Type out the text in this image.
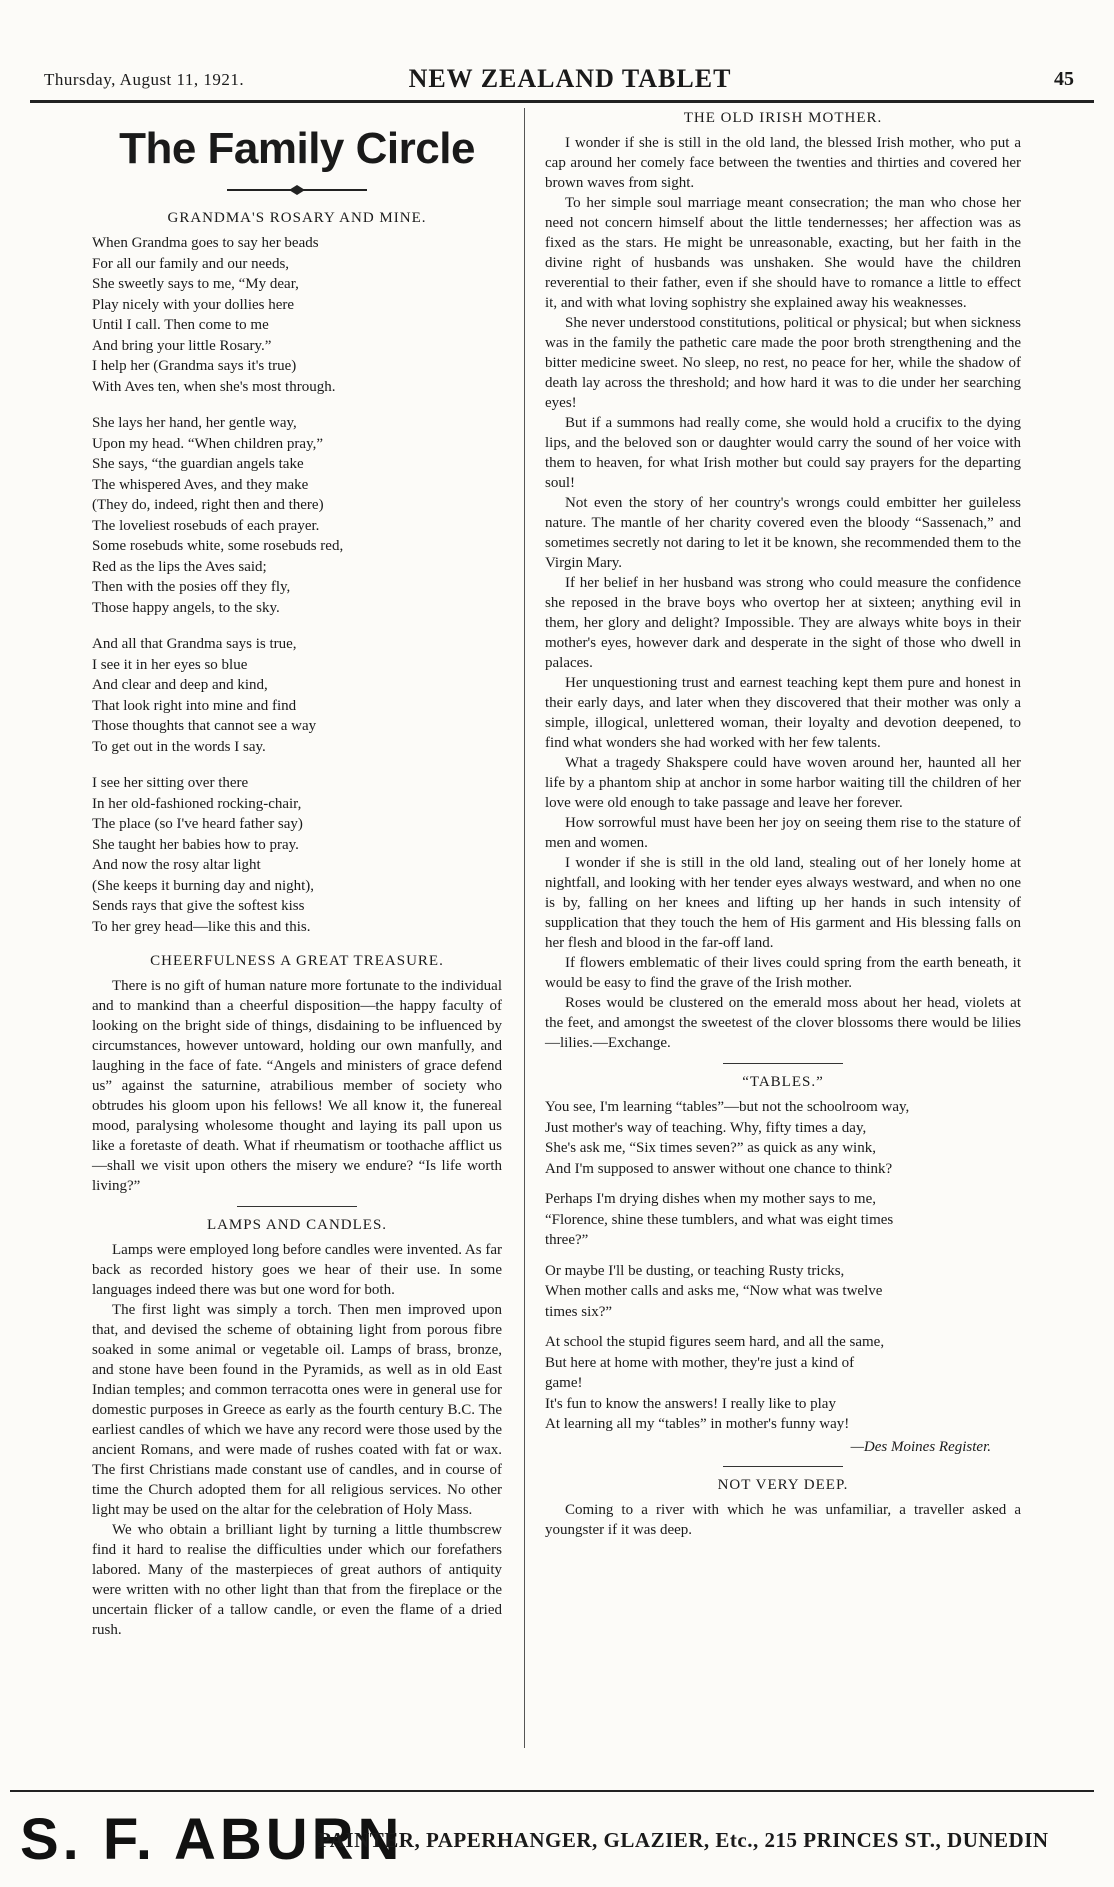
Thursday, August 11, 1921.	NEW ZEALAND TABLET	45
The Family Circle
GRANDMA'S ROSARY AND MINE.

When Grandma goes to say her beads
For all our family and our needs,
She sweetly says to me, “My dear,
Play nicely with your dollies here
Until I call. Then come to me
And bring your little Rosary.”
I help her (Grandma says it's true)
With Aves ten, when she's most through.

She lays her hand, her gentle way,
Upon my head. “When children pray,”
She says, “the guardian angels take
The whispered Aves, and they make
(They do, indeed, right then and there)
The loveliest rosebuds of each prayer.
Some rosebuds white, some rosebuds red,
Red as the lips the Aves said;
Then with the posies off they fly,
Those happy angels, to the sky.

And all that Grandma says is true,
I see it in her eyes so blue
And clear and deep and kind,
That look right into mine and find
Those thoughts that cannot see a way
To get out in the words I say.

I see her sitting over there
In her old-fashioned rocking-chair,
The place (so I've heard father say)
She taught her babies how to pray.
And now the rosy altar light
(She keeps it burning day and night),
Sends rays that give the softest kiss
To her grey head—like this and this.

CHEERFULNESS A GREAT TREASURE.

There is no gift of human nature more fortunate to the individual and to mankind than a cheerful disposition—the happy faculty of looking on the bright side of things, disdaining to be influenced by circumstances, however untoward, holding our own manfully, and laughing in the face of fate. “Angels and ministers of grace defend us” against the saturnine, atrabilious member of society who obtrudes his gloom upon his fellows! We all know it, the funereal mood, paralysing wholesome thought and laying its pall upon us like a foretaste of death. What if rheumatism or toothache afflict us—shall we visit upon others the misery we endure? “Is life worth living?”

LAMPS AND CANDLES.

Lamps were employed long before candles were invented. As far back as recorded history goes we hear of their use. In some languages indeed there was but one word for both.

The first light was simply a torch. Then men improved upon that, and devised the scheme of obtaining light from porous fibre soaked in some animal or vegetable oil. Lamps of brass, bronze, and stone have been found in the Pyramids, as well as in old East Indian temples; and common terracotta ones were in general use for domestic purposes in Greece as early as the fourth century B.C. The earliest candles of which we have any record were those used by the ancient Romans, and were made of rushes coated with fat or wax. The first Christians made constant use of candles, and in course of time the Church adopted them for all religious services. No other light may be used on the altar for the celebration of Holy Mass.

We who obtain a brilliant light by turning a little thumbscrew find it hard to realise the difficulties under which our forefathers labored. Many of the masterpieces of great authors of antiquity were written with no other light than that from the fireplace or the uncertain flicker of a tallow candle, or even the flame of a dried rush.

THE OLD IRISH MOTHER.

I wonder if she is still in the old land, the blessed Irish mother, who put a cap around her comely face between the twenties and thirties and covered her brown waves from sight.

To her simple soul marriage meant consecration; the man who chose her need not concern himself about the little tendernesses; her affection was as fixed as the stars. He might be unreasonable, exacting, but her faith in the divine right of husbands was unshaken. She would have the children reverential to their father, even if she should have to romance a little to effect it, and with what loving sophistry she explained away his weaknesses.

She never understood constitutions, political or physical; but when sickness was in the family the pathetic care made the poor broth strengthening and the bitter medicine sweet. No sleep, no rest, no peace for her, while the shadow of death lay across the threshold; and how hard it was to die under her searching eyes!

But if a summons had really come, she would hold a crucifix to the dying lips, and the beloved son or daughter would carry the sound of her voice with them to heaven, for what Irish mother but could say prayers for the departing soul!

Not even the story of her country's wrongs could embitter her guileless nature. The mantle of her charity covered even the bloody “Sassenach,” and sometimes secretly not daring to let it be known, she recommended them to the Virgin Mary.

If her belief in her husband was strong who could measure the confidence she reposed in the brave boys who overtop her at sixteen; anything evil in them, her glory and delight? Impossible. They are always white boys in their mother's eyes, however dark and desperate in the sight of those who dwell in palaces.

Her unquestioning trust and earnest teaching kept them pure and honest in their early days, and later when they discovered that their mother was only a simple, illogical, unlettered woman, their loyalty and devotion deepened, to find what wonders she had worked with her few talents.

What a tragedy Shakspere could have woven around her, haunted all her life by a phantom ship at anchor in some harbor waiting till the children of her love were old enough to take passage and leave her forever.

How sorrowful must have been her joy on seeing them rise to the stature of men and women.

I wonder if she is still in the old land, stealing out of her lonely home at nightfall, and looking with her tender eyes always westward, and when no one is by, falling on her knees and lifting up her hands in such intensity of supplication that they touch the hem of His garment and His blessing falls on her flesh and blood in the far-off land.

If flowers emblematic of their lives could spring from the earth beneath, it would be easy to find the grave of the Irish mother.

Roses would be clustered on the emerald moss about her head, violets at the feet, and amongst the sweetest of the clover blossoms there would be lilies—lilies.—Exchange.

“TABLES.”

You see, I'm learning “tables”—but not the schoolroom way,
Just mother's way of teaching. Why, fifty times a day,
She's ask me, “Six times seven?” as quick as any wink,
And I'm supposed to answer without one chance to think?

Perhaps I'm drying dishes when my mother says to me,
“Florence, shine these tumblers, and what was eight times
three?”

Or maybe I'll be dusting, or teaching Rusty tricks,
When mother calls and asks me, “Now what was twelve
times six?”

At school the stupid figures seem hard, and all the same,
But here at home with mother, they're just a kind of
game!
It's fun to know the answers! I really like to play
At learning all my “tables” in mother's funny way!

—Des Moines Register.
NOT VERY DEEP.

Coming to a river with which he was unfamiliar, a traveller asked a youngster if it was deep.

S. F. ABURN
PAINTER, PAPERHANGER, GLAZIER, Etc., 215 PRINCES ST., DUNEDIN
